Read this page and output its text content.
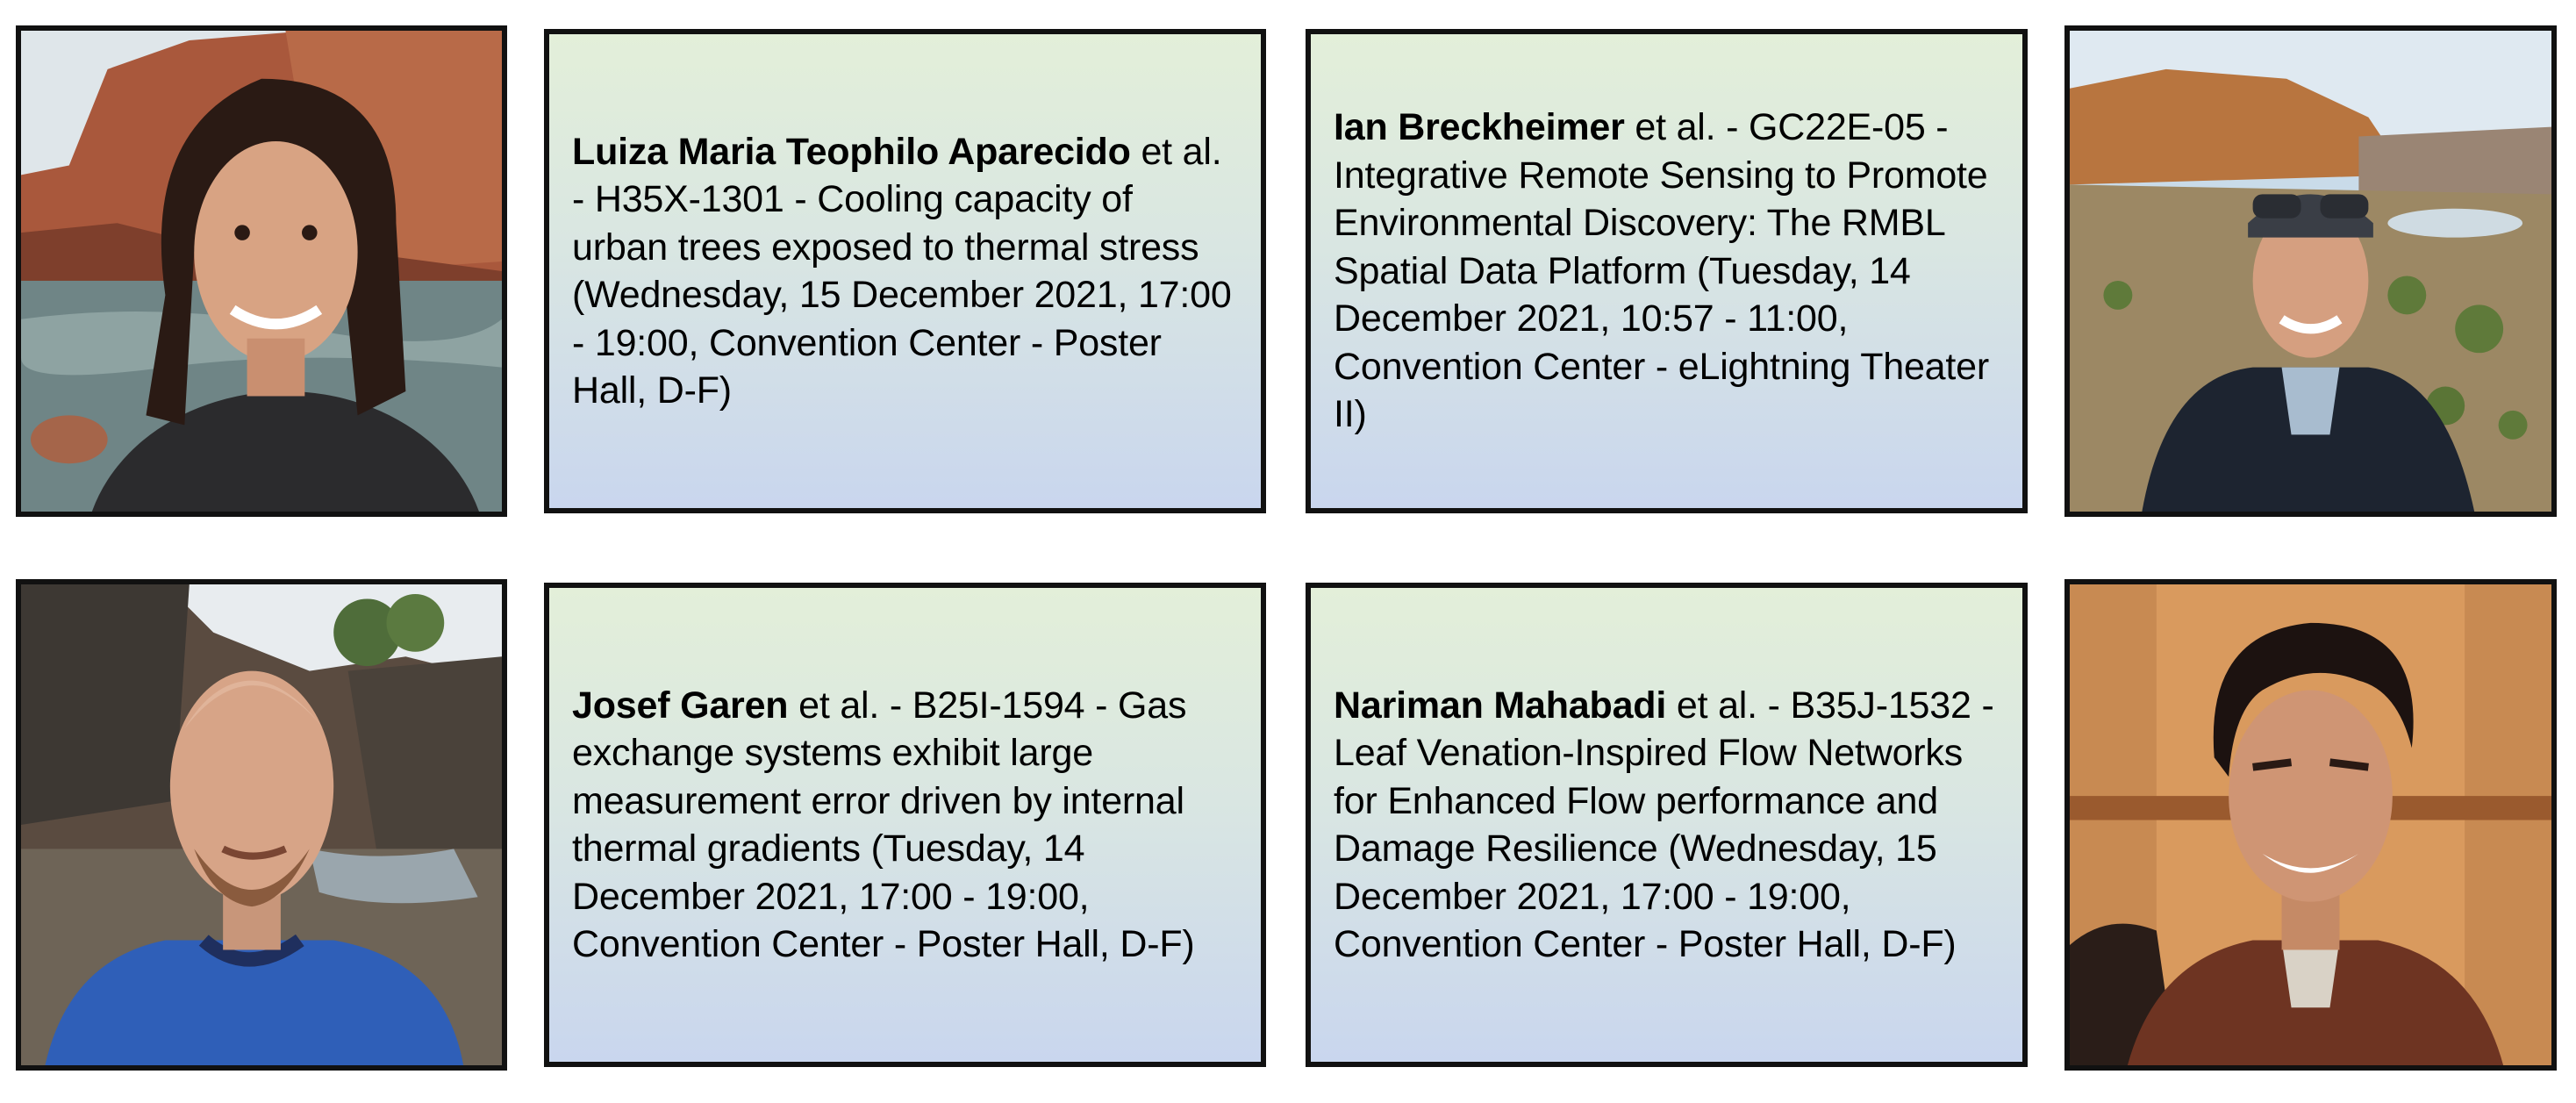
Luiza Maria Teophilo Aparecido et al. - H35X-1301 - Cooling capacity of urban trees exposed to thermal stress (Wednesday, 15 December 2021, 17:00 - 19:00, Convention Center - Poster Hall, D-F)
Ian Breckheimer et al. - GC22E-05 - Integrative Remote Sensing to Promote Environmental Discovery: The RMBL Spatial Data Platform (Tuesday, 14 December 2021, 10:57 - 11:00, Convention Center - eLightning Theater II)
Josef Garen et al. - B25I-1594 - Gas exchange systems exhibit large measurement error driven by internal thermal gradients (Tuesday, 14 December 2021, 17:00 - 19:00, Convention Center - Poster Hall, D-F)
Nariman Mahabadi et al. - B35J-1532 - Leaf Venation-Inspired Flow Networks for Enhanced Flow performance and Damage Resilience (Wednesday, 15 December 2021, 17:00 - 19:00, Convention Center - Poster Hall, D-F)
